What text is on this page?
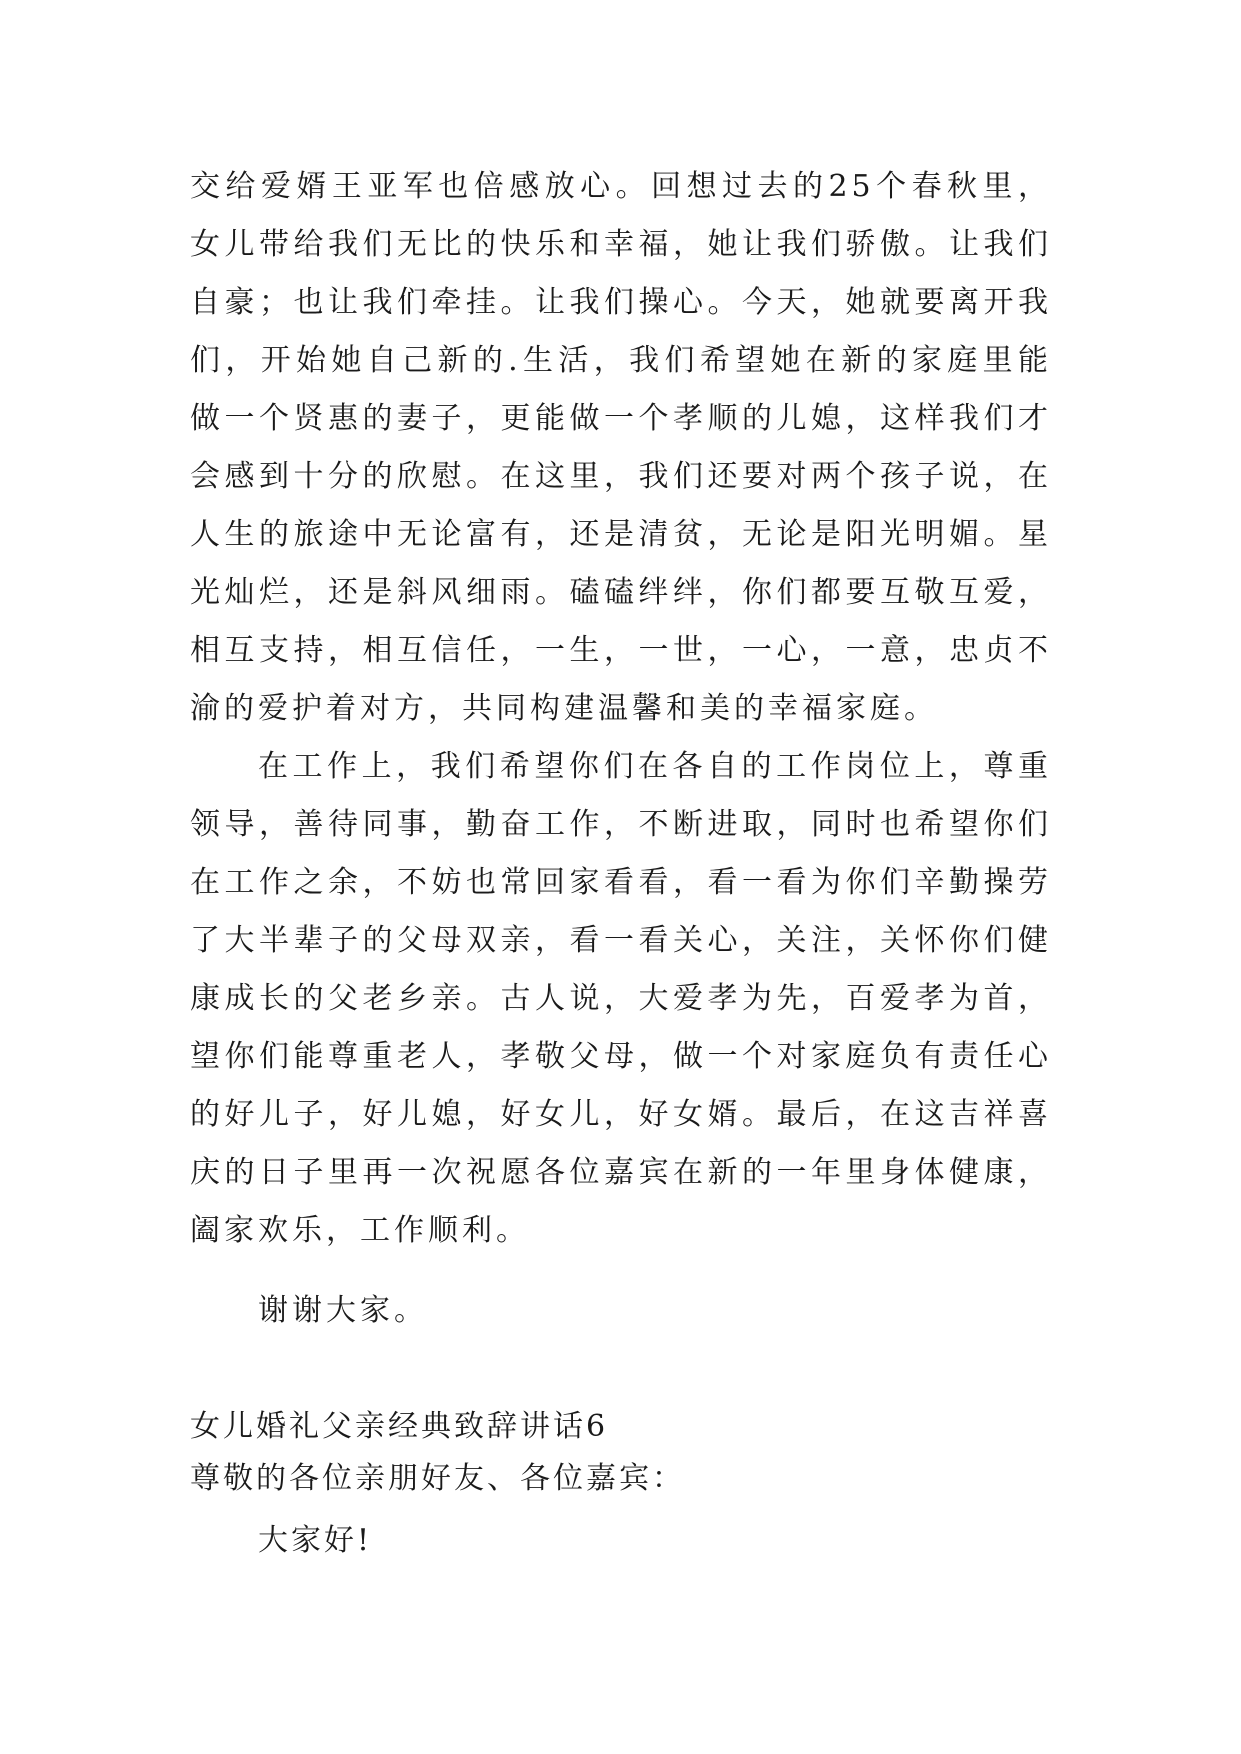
交给爱婿王亚军也倍感放心。回想过去的25个春秋里，女儿带给我们无比的快乐和幸福，她让我们骄傲。让我们自豪；也让我们牵挂。让我们操心。今天，她就要离开我们，开始她自己新的.生活，我们希望她在新的家庭里能做一个贤惠的妻子，更能做一个孝顺的儿媳，这样我们才会感到十分的欣慰。在这里，我们还要对两个孩子说，在人生的旅途中无论富有，还是清贫，无论是阳光明媚。星光灿烂，还是斜风细雨。磕磕绊绊，你们都要互敬互爱，相互支持，相互信任，一生，一世，一心，一意，忠贞不渝的爱护着对方，共同构建温馨和美的幸福家庭。

在工作上，我们希望你们在各自的工作岗位上，尊重领导，善待同事，勤奋工作，不断进取，同时也希望你们在工作之余，不妨也常回家看看，看一看为你们辛勤操劳了大半辈子的父母双亲，看一看关心，关注，关怀你们健康成长的父老乡亲。古人说，大爱孝为先，百爱孝为首，望你们能尊重老人，孝敬父母，做一个对家庭负有责任心的好儿子，好儿媳，好女儿，好女婿。最后，在这吉祥喜庆的日子里再一次祝愿各位嘉宾在新的一年里身体健康，阖家欢乐，工作顺利。

谢谢大家。

女儿婚礼父亲经典致辞讲话6

尊敬的各位亲朋好友、各位嘉宾：

大家好!
